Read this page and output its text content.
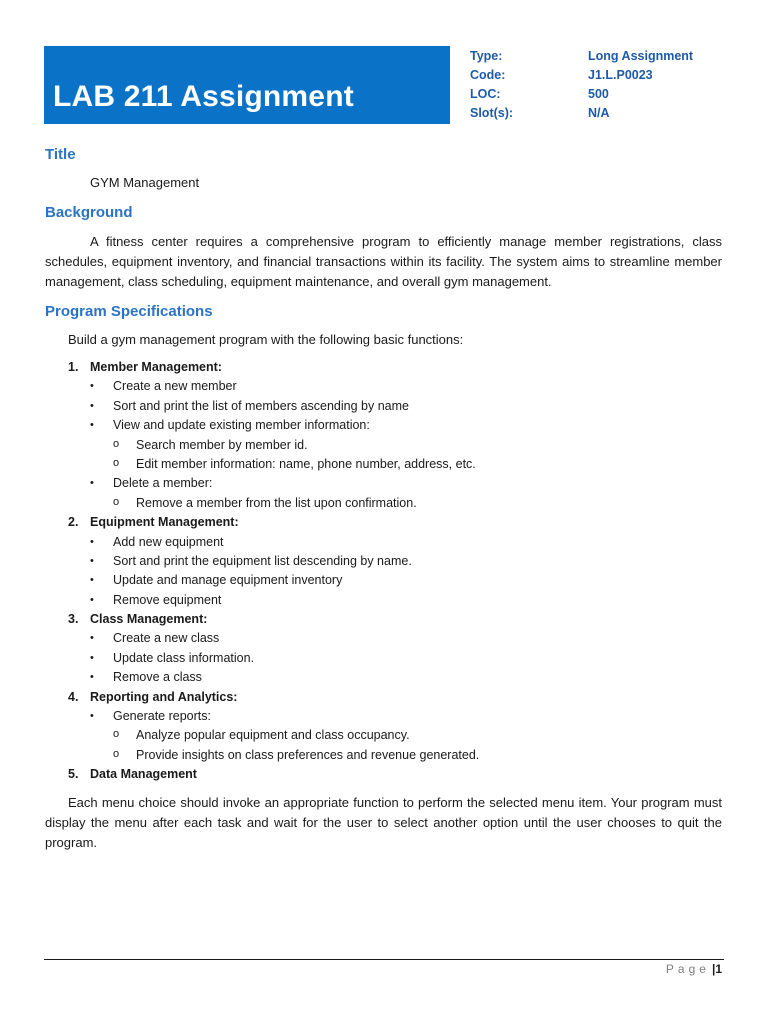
LAB 211 Assignment
Type:	Long Assignment
Code:	J1.L.P0023
LOC:	500
Slot(s):	N/A
Title
GYM Management
Background
A fitness center requires a comprehensive program to efficiently manage member registrations, class schedules, equipment inventory, and financial transactions within its facility. The system aims to streamline member management, class scheduling, equipment maintenance, and overall gym management.
Program Specifications
Build a gym management program with the following basic functions:
1. Member Management:
• Create a new member
• Sort and print the list of members ascending by name
• View and update existing member information:
o Search member by member id.
o Edit member information: name, phone number, address, etc.
• Delete a member:
o Remove a member from the list upon confirmation.
2. Equipment Management:
• Add new equipment
• Sort and print the equipment list descending by name.
• Update and manage equipment inventory
• Remove equipment
3. Class Management:
• Create a new class
• Update class information.
• Remove a class
4. Reporting and Analytics:
• Generate reports:
o Analyze popular equipment and class occupancy.
o Provide insights on class preferences and revenue generated.
5. Data Management
Each menu choice should invoke an appropriate function to perform the selected menu item. Your program must display the menu after each task and wait for the user to select another option until the user chooses to quit the program.
Page |1
